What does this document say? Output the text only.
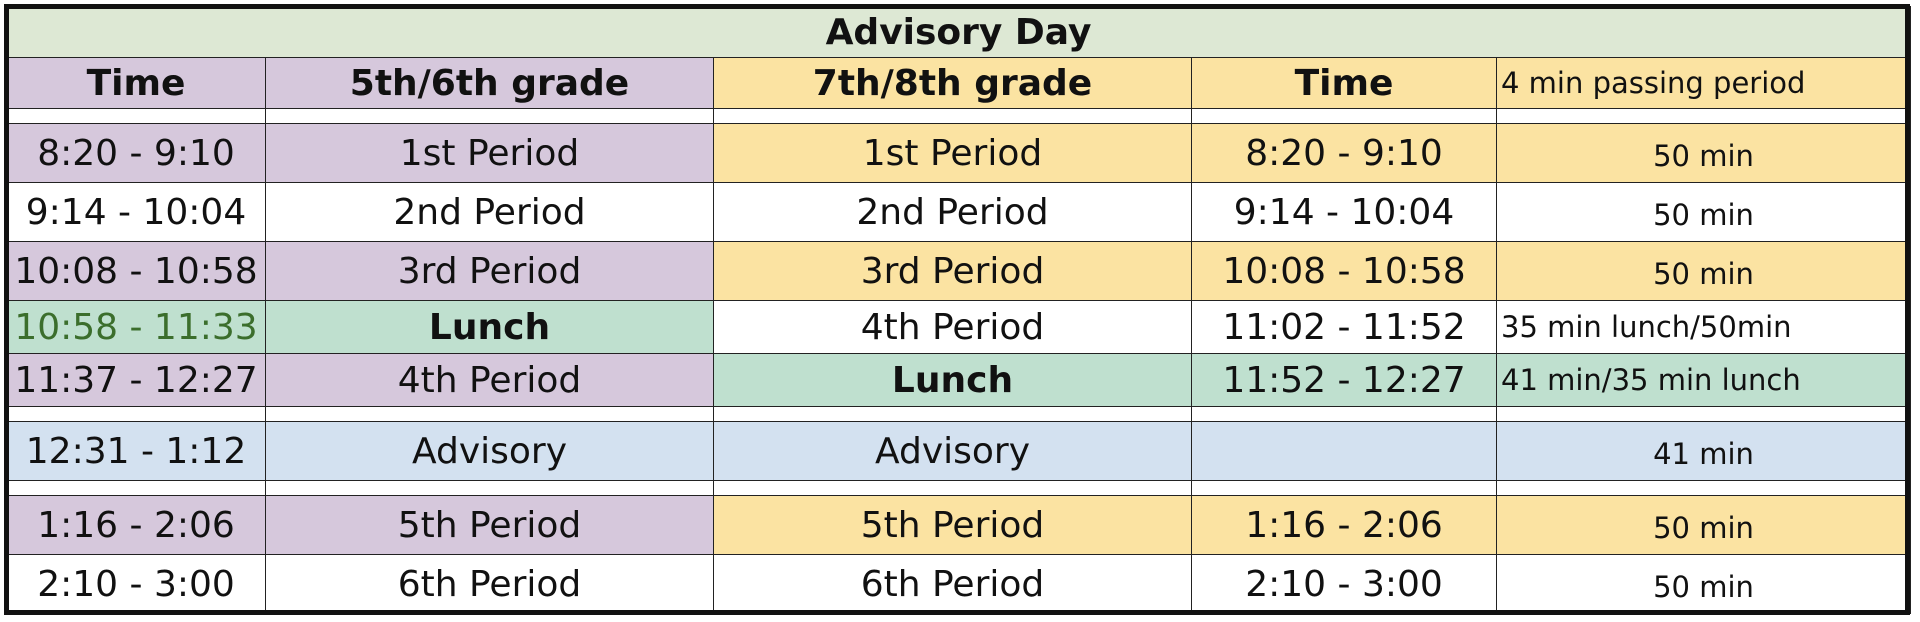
Advisory Day				
Time	5th/6th grade	7th/8th grade	Time	4 min passing period

8:20 - 9:10	1st Period	1st Period	8:20 - 9:10	50 min
9:14 - 10:04	2nd Period	2nd Period	9:14 - 10:04	50 min
10:08 - 10:58	3rd Period	3rd Period	10:08 - 10:58	50 min
10:58 - 11:33	Lunch	4th Period	11:02 - 11:52	35 min lunch/50min
11:37 - 12:27	4th Period	Lunch	11:52 - 12:27	41 min/35 min lunch

12:31 - 1:12	Advisory	Advisory		41 min

1:16 - 2:06	5th Period	5th Period	1:16 - 2:06	50 min
2:10 - 3:00	6th Period	6th Period	2:10 - 3:00	50 min
